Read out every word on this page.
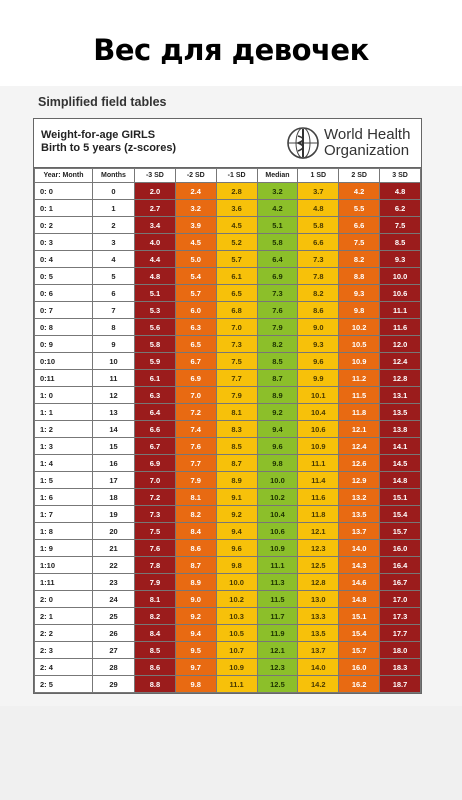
Вес для девочек
Simplified field tables
Weight-for-age GIRLS
Birth to 5 years (z-scores)
World Health
Organization
Year: Month	Months	-3 SD	-2 SD	-1 SD	Median	1 SD	2 SD	3 SD
0: 0	0	2.0	2.4	2.8	3.2	3.7	4.2	4.8
0: 1	1	2.7	3.2	3.6	4.2	4.8	5.5	6.2
0: 2	2	3.4	3.9	4.5	5.1	5.8	6.6	7.5
0: 3	3	4.0	4.5	5.2	5.8	6.6	7.5	8.5
0: 4	4	4.4	5.0	5.7	6.4	7.3	8.2	9.3
0: 5	5	4.8	5.4	6.1	6.9	7.8	8.8	10.0
0: 6	6	5.1	5.7	6.5	7.3	8.2	9.3	10.6
0: 7	7	5.3	6.0	6.8	7.6	8.6	9.8	11.1
0: 8	8	5.6	6.3	7.0	7.9	9.0	10.2	11.6
0: 9	9	5.8	6.5	7.3	8.2	9.3	10.5	12.0
0:10	10	5.9	6.7	7.5	8.5	9.6	10.9	12.4
0:11	11	6.1	6.9	7.7	8.7	9.9	11.2	12.8
1: 0	12	6.3	7.0	7.9	8.9	10.1	11.5	13.1
1: 1	13	6.4	7.2	8.1	9.2	10.4	11.8	13.5
1: 2	14	6.6	7.4	8.3	9.4	10.6	12.1	13.8
1: 3	15	6.7	7.6	8.5	9.6	10.9	12.4	14.1
1: 4	16	6.9	7.7	8.7	9.8	11.1	12.6	14.5
1: 5	17	7.0	7.9	8.9	10.0	11.4	12.9	14.8
1: 6	18	7.2	8.1	9.1	10.2	11.6	13.2	15.1
1: 7	19	7.3	8.2	9.2	10.4	11.8	13.5	15.4
1: 8	20	7.5	8.4	9.4	10.6	12.1	13.7	15.7
1: 9	21	7.6	8.6	9.6	10.9	12.3	14.0	16.0
1:10	22	7.8	8.7	9.8	11.1	12.5	14.3	16.4
1:11	23	7.9	8.9	10.0	11.3	12.8	14.6	16.7
2: 0	24	8.1	9.0	10.2	11.5	13.0	14.8	17.0
2: 1	25	8.2	9.2	10.3	11.7	13.3	15.1	17.3
2: 2	26	8.4	9.4	10.5	11.9	13.5	15.4	17.7
2: 3	27	8.5	9.5	10.7	12.1	13.7	15.7	18.0
2: 4	28	8.6	9.7	10.9	12.3	14.0	16.0	18.3
2: 5	29	8.8	9.8	11.1	12.5	14.2	16.2	18.7
